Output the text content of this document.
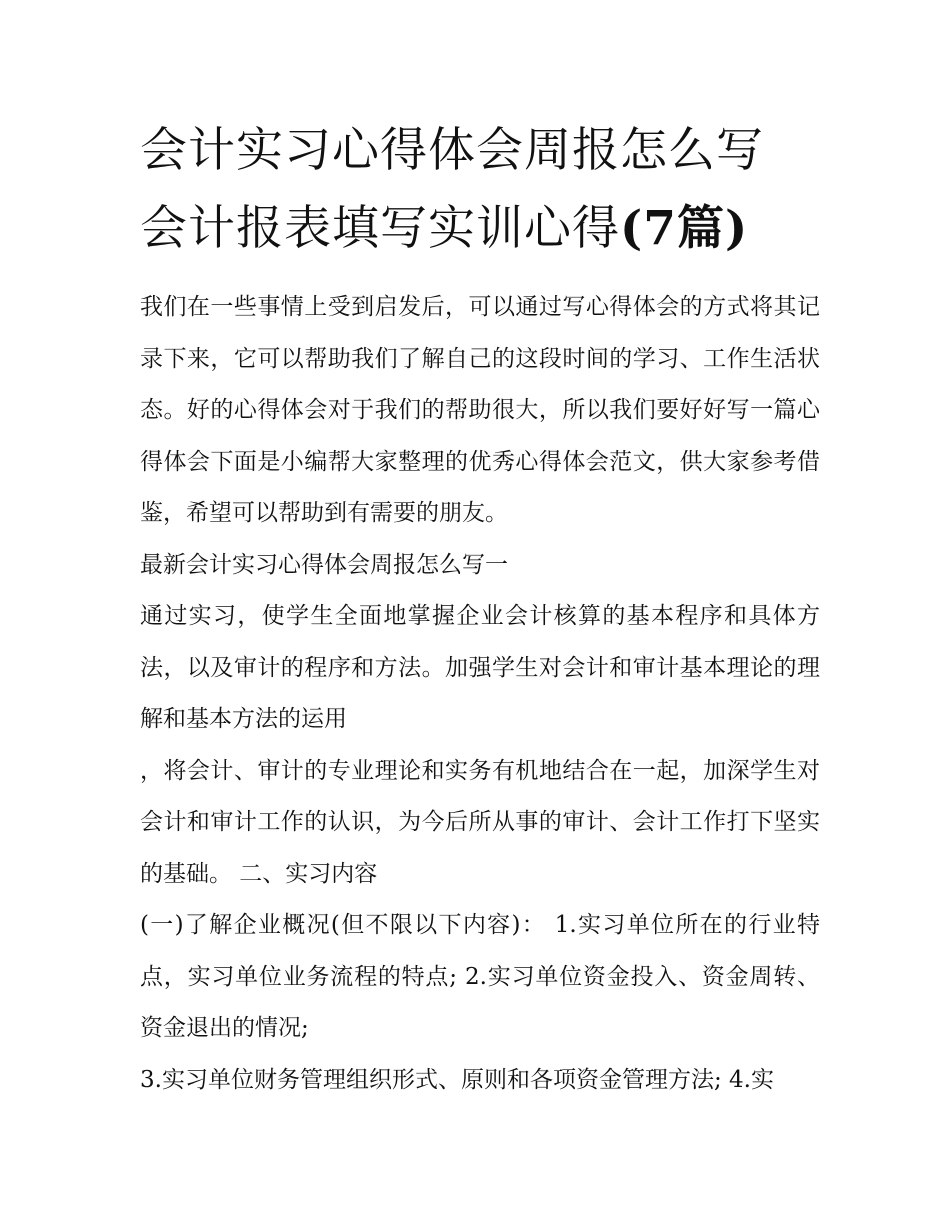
会计实习心得体会周报怎么写
会计报表填写实训心得(7篇)

我们在一些事情上受到启发后，可以通过写心得体会的方式将其记录下来，它可以帮助我们了解自己的这段时间的学习、工作生活状态。好的心得体会对于我们的帮助很大，所以我们要好好写一篇心得体会下面是小编帮大家整理的优秀心得体会范文，供大家参考借鉴，希望可以帮助到有需要的朋友。

最新会计实习心得体会周报怎么写一

通过实习，使学生全面地掌握企业会计核算的基本程序和具体方法，以及审计的程序和方法。加强学生对会计和审计基本理论的理解和基本方法的运用

，将会计、审计的专业理论和实务有机地结合在一起，加深学生对会计和审计工作的认识，为今后所从事的审计、会计工作打下坚实的基础。 二、实习内容

(一)了解企业概况(但不限以下内容)： 1.实习单位所在的行业特点，实习单位业务流程的特点; 2.实习单位资金投入、资金周转、资金退出的情况;

3.实习单位财务管理组织形式、原则和各项资金管理方法; 4.实
